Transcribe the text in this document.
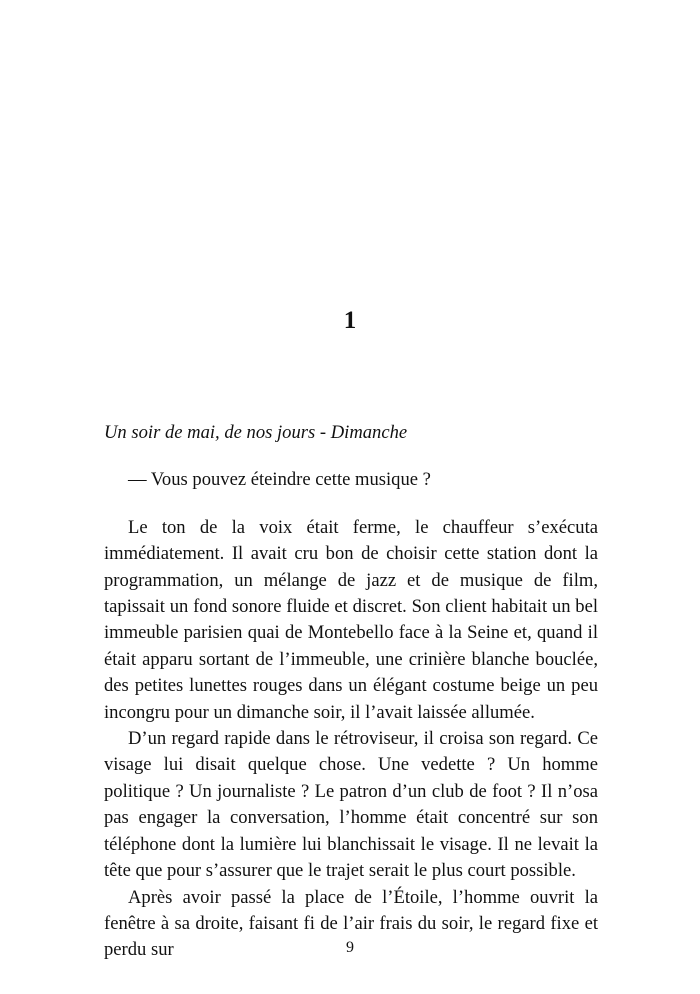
1

Un soir de mai, de nos jours - Dimanche

— Vous pouvez éteindre cette musique ?

Le ton de la voix était ferme, le chauffeur s’exécuta immédiatement. Il avait cru bon de choisir cette station dont la programmation, un mélange de jazz et de musique de film, tapissait un fond sonore fluide et discret. Son client habitait un bel immeuble parisien quai de Montebello face à la Seine et, quand il était apparu sortant de l’immeuble, une crinière blanche bouclée, des petites lunettes rouges dans un élégant costume beige un peu incongru pour un dimanche soir, il l’avait laissée allumée.

D’un regard rapide dans le rétroviseur, il croisa son regard. Ce visage lui disait quelque chose. Une vedette ? Un homme politique ? Un journaliste ? Le patron d’un club de foot ? Il n’osa pas engager la conversation, l’homme était concentré sur son téléphone dont la lumière lui blanchissait le visage. Il ne levait la tête que pour s’assurer que le trajet serait le plus court possible.

Après avoir passé la place de l’Étoile, l’homme ouvrit la fenêtre à sa droite, faisant fi de l’air frais du soir, le regard fixe et perdu sur	9
